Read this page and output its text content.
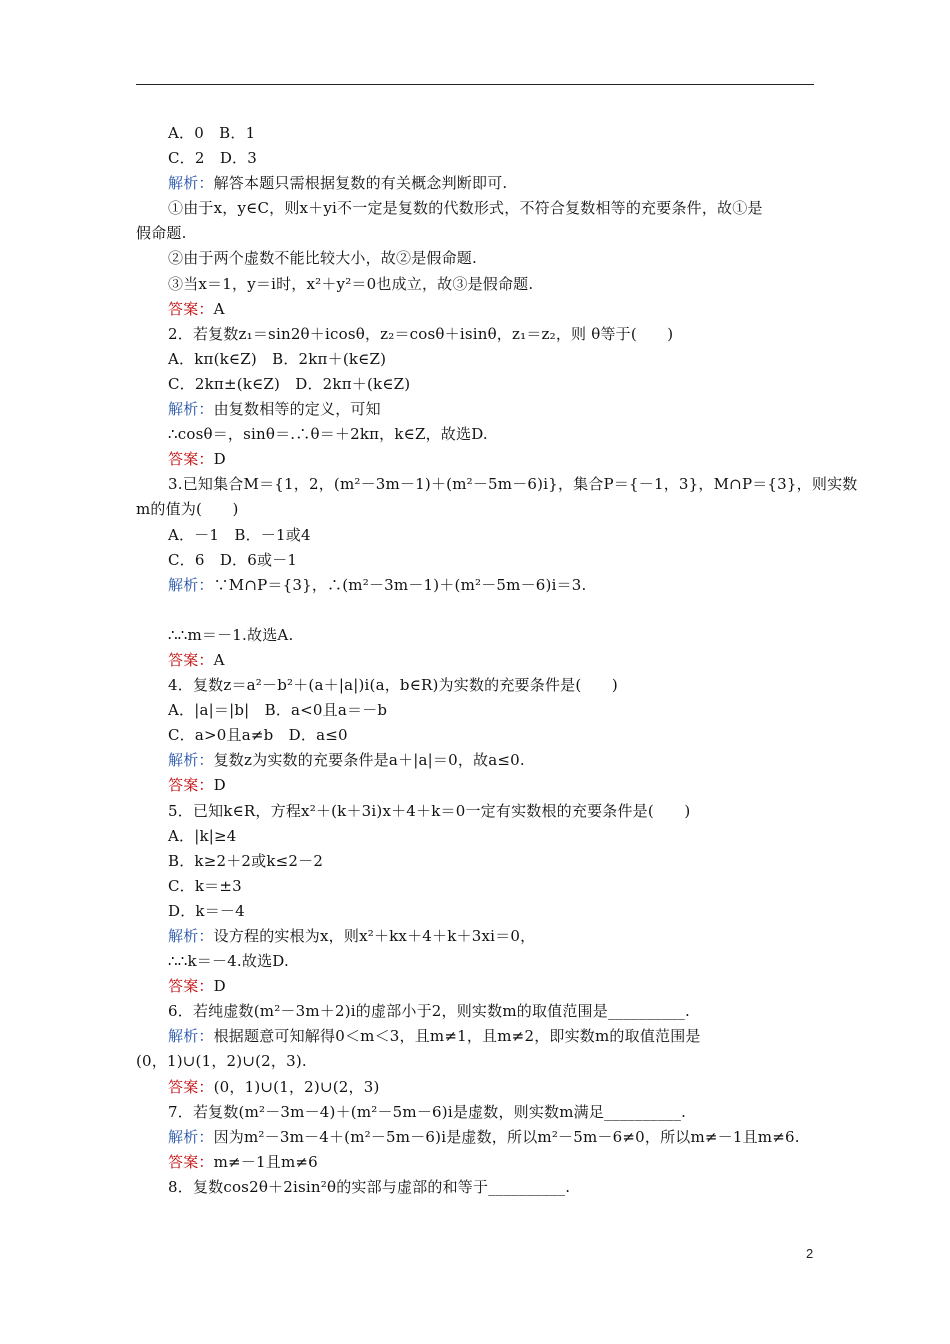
A．0　B．1
C．2　D．3
解析：解答本题只需根据复数的有关概念判断即可.
①由于x，y∈C，则x＋yi不一定是复数的代数形式，不符合复数相等的充要条件，故①是
假命题.
②由于两个虚数不能比较大小，故②是假命题.
③当x＝1，y＝i时，x²＋y²＝0也成立，故③是假命题.
答案：A
2．若复数z₁＝sin2θ＋icosθ，z₂＝cosθ＋isinθ，z₁＝z₂，则 θ等于(　　)
A．kπ(k∈Z)　B．2kπ＋(k∈Z)
C．2kπ±(k∈Z)　D．2kπ＋(k∈Z)
解析：由复数相等的定义，可知
∴cosθ＝，sinθ＝.∴θ＝＋2kπ，k∈Z，故选D.
答案：D
3.已知集合M＝{1，2，(m²－3m－1)＋(m²－5m－6)i}，集合P＝{－1，3}，M∩P＝{3}，则实数
m的值为(　　)
A．－1　B．－1或4
C．6　D．6或－1
解析：∵M∩P＝{3}，∴(m²－3m－1)＋(m²－5m－6)i＝3.
∴∴m＝－1.故选A.
答案：A
4．复数z＝a²－b²＋(a＋|a|)i(a，b∈R)为实数的充要条件是(　　)
A．|a|＝|b|　B．a<0且a＝－b
C．a>0且a≠b　D．a≤0
解析：复数z为实数的充要条件是a＋|a|＝0，故a≤0.
答案：D
5．已知k∈R，方程x²＋(k＋3i)x＋4＋k＝0一定有实数根的充要条件是(　　)
A．|k|≥4
B．k≥2＋2或k≤2－2
C．k＝±3
D．k＝－4
解析：设方程的实根为x，则x²＋kx＋4＋k＋3xi＝0，
∴∴k＝－4.故选D.
答案：D
6．若纯虚数(m²－3m＋2)i的虚部小于2，则实数m的取值范围是__________.
解析：根据题意可知解得0＜m＜3，且m≠1，且m≠2，即实数m的取值范围是
(0，1)∪(1，2)∪(2，3).
答案：(0，1)∪(1，2)∪(2，3)
7．若复数(m²－3m－4)＋(m²－5m－6)i是虚数，则实数m满足__________.
解析：因为m²－3m－4＋(m²－5m－6)i是虚数，所以m²－5m－6≠0，所以m≠－1且m≠6.
答案：m≠－1且m≠6
8．复数cos2θ＋2isin²θ的实部与虚部的和等于__________.
2
